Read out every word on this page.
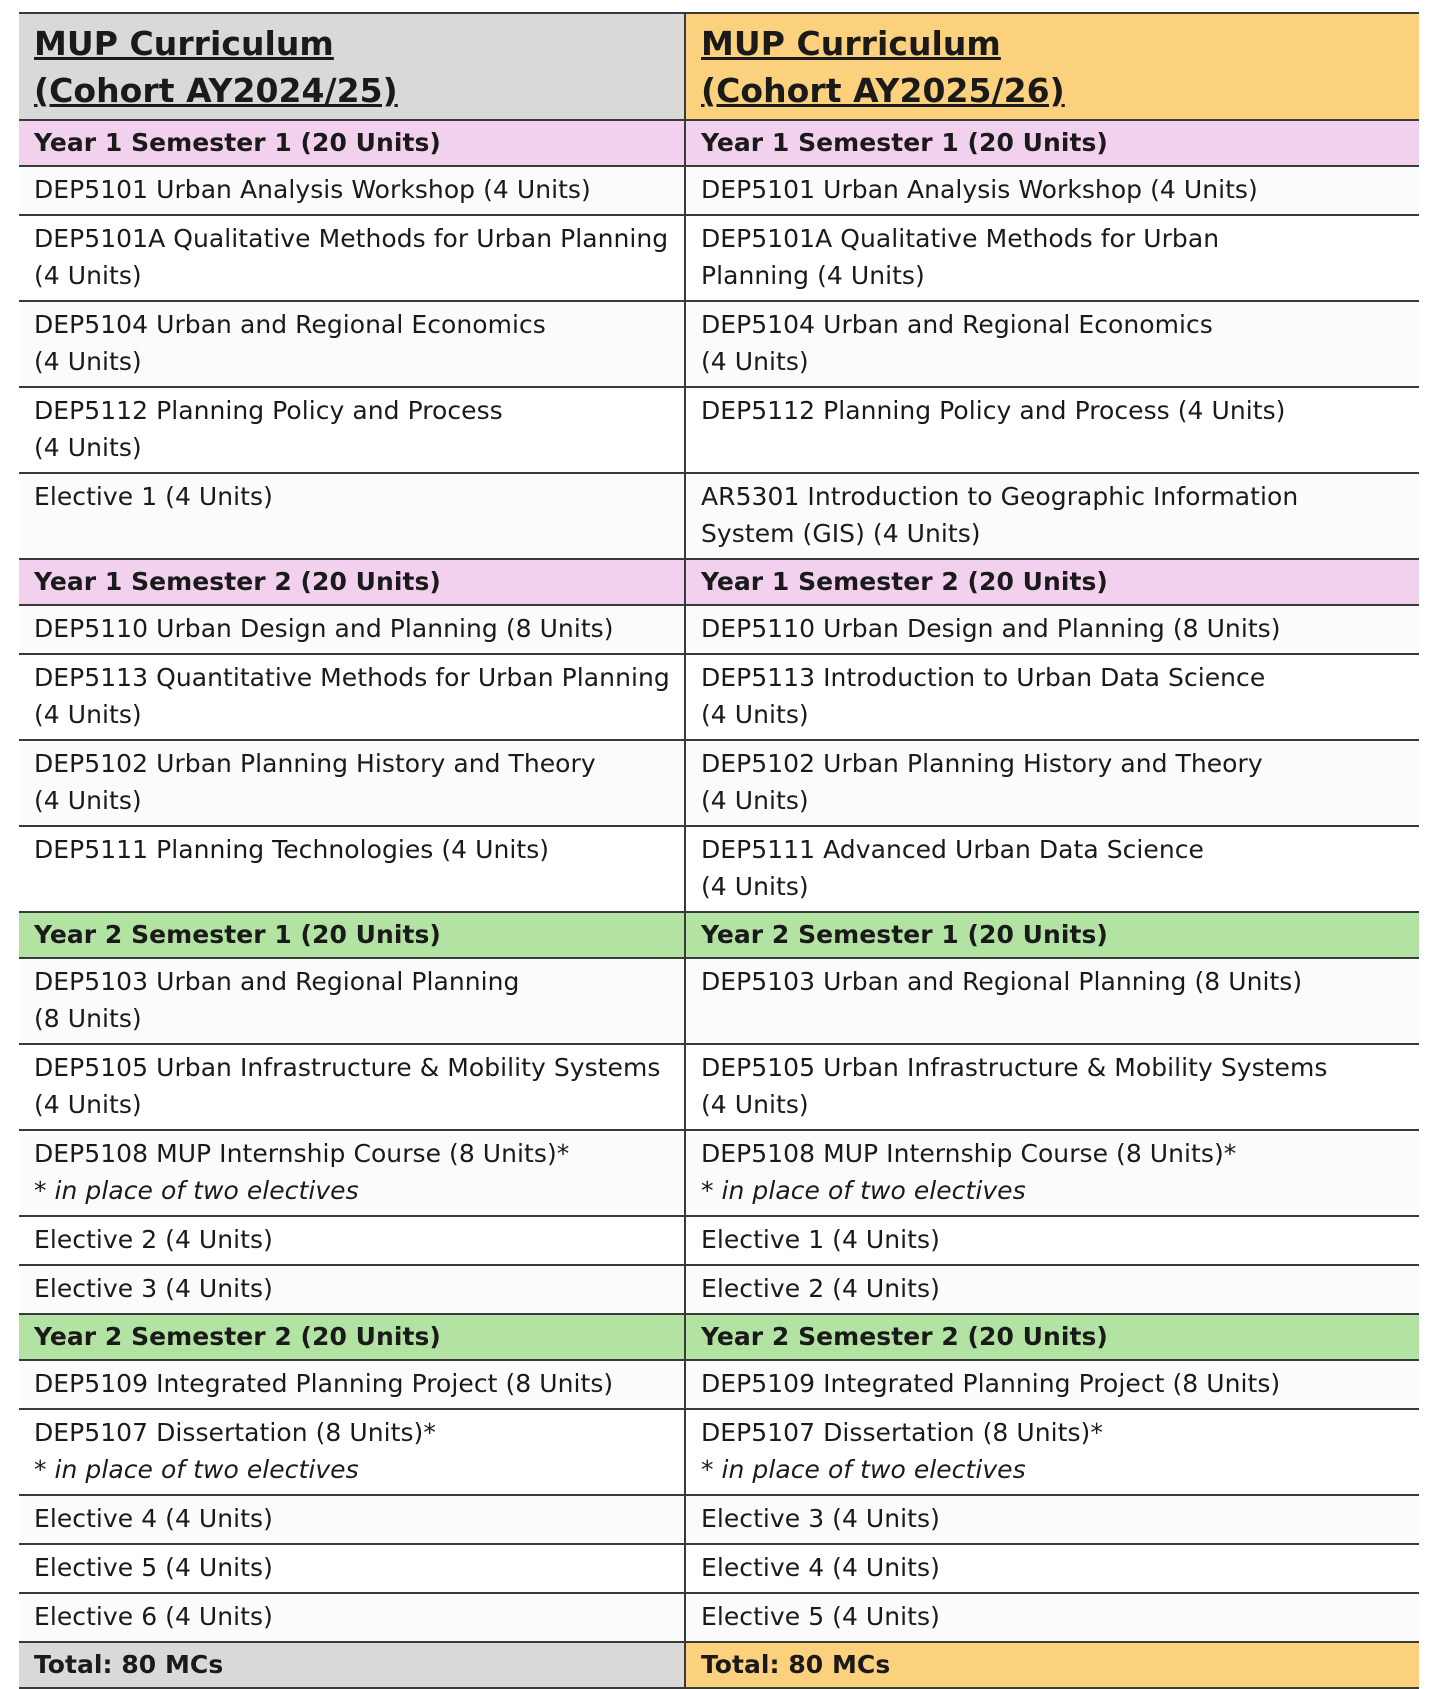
MUP Curriculum
(Cohort AY2024/25)	MUP Curriculum
(Cohort AY2025/26)

Year 1 Semester 1 (20 Units)	Year 1 Semester 1 (20 Units)

DEP5101 Urban Analysis Workshop (4 Units)	DEP5101 Urban Analysis Workshop (4 Units)

DEP5101A Qualitative Methods for Urban Planning
(4 Units)	DEP5101A Qualitative Methods for Urban
Planning (4 Units)

DEP5104 Urban and Regional Economics
(4 Units)	DEP5104 Urban and Regional Economics
(4 Units)

DEP5112 Planning Policy and Process
(4 Units)	DEP5112 Planning Policy and Process (4 Units)

Elective 1 (4 Units)	AR5301 Introduction to Geographic Information
System (GIS) (4 Units)

Year 1 Semester 2 (20 Units)	Year 1 Semester 2 (20 Units)

DEP5110 Urban Design and Planning (8 Units)	DEP5110 Urban Design and Planning (8 Units)

DEP5113 Quantitative Methods for Urban Planning
(4 Units)	DEP5113 Introduction to Urban Data Science
(4 Units)

DEP5102 Urban Planning History and Theory
(4 Units)	DEP5102 Urban Planning History and Theory
(4 Units)

DEP5111 Planning Technologies (4 Units)	DEP5111 Advanced Urban Data Science
(4 Units)

Year 2 Semester 1 (20 Units)	Year 2 Semester 1 (20 Units)

DEP5103 Urban and Regional Planning
(8 Units)	DEP5103 Urban and Regional Planning (8 Units)

DEP5105 Urban Infrastructure & Mobility Systems
(4 Units)	DEP5105 Urban Infrastructure & Mobility Systems
(4 Units)

DEP5108 MUP Internship Course (8 Units)*
* in place of two electives	DEP5108 MUP Internship Course (8 Units)*
* in place of two electives

Elective 2 (4 Units)	Elective 1 (4 Units)

Elective 3 (4 Units)	Elective 2 (4 Units)

Year 2 Semester 2 (20 Units)	Year 2 Semester 2 (20 Units)

DEP5109 Integrated Planning Project (8 Units)	DEP5109 Integrated Planning Project (8 Units)

DEP5107 Dissertation (8 Units)*
* in place of two electives	DEP5107 Dissertation (8 Units)*
* in place of two electives

Elective 4 (4 Units)	Elective 3 (4 Units)

Elective 5 (4 Units)	Elective 4 (4 Units)

Elective 6 (4 Units)	Elective 5 (4 Units)

Total: 80 MCs	Total: 80 MCs
